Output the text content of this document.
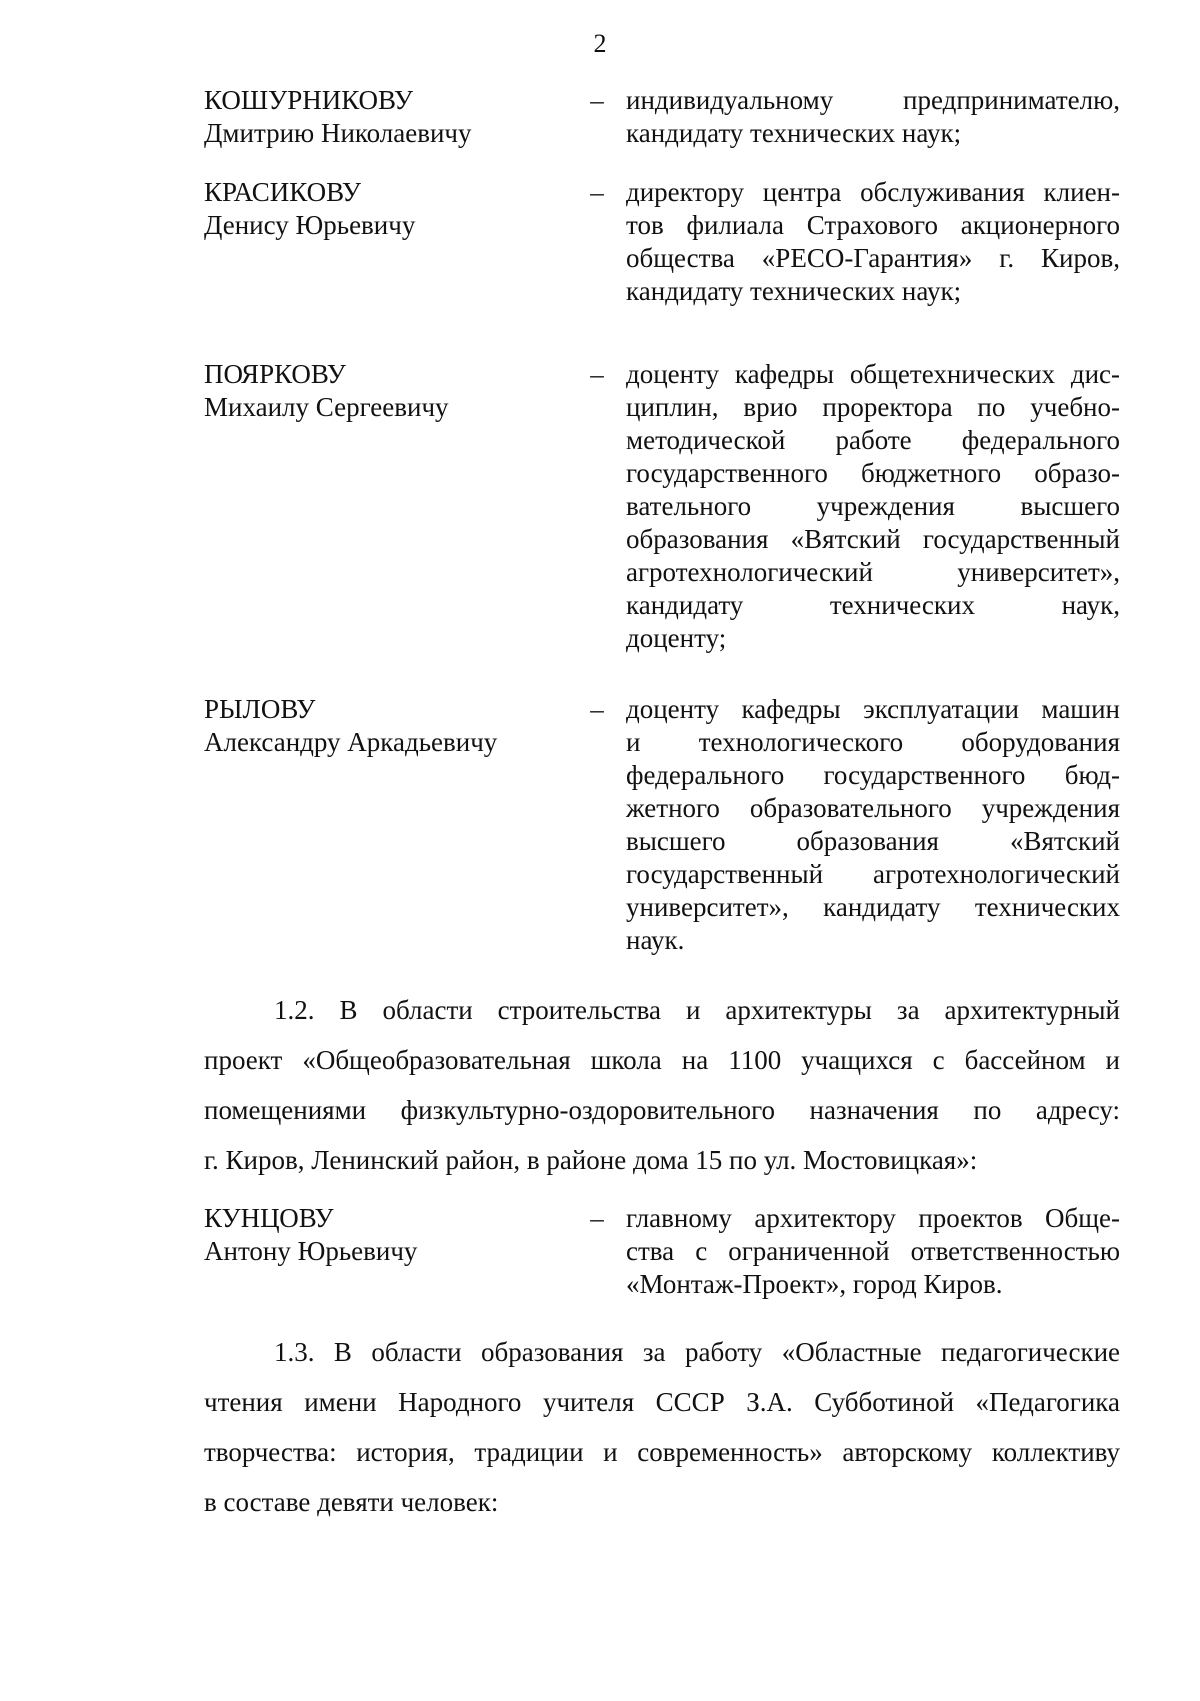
2
КОШУРНИКОВУ
Дмитрию Николаевичу
– индивидуальному предпринимателю,
кандидату технических наук;
КРАСИКОВУ
Денису Юрьевичу
– директору центра обслуживания клиен-
тов филиала Страхового акционерного
общества «РЕСО-Гарантия» г. Киров,
кандидату технических наук;
ПОЯРКОВУ
Михаилу Сергеевичу
– доценту кафедры общетехнических дис-
циплин, врио проректора по учебно-
методической работе федерального
государственного бюджетного образо-
вательного учреждения высшего
образования «Вятский государственный
агротехнологический университет»,
кандидату технических наук,
доценту;
РЫЛОВУ
Александру Аркадьевичу
– доценту кафедры эксплуатации машин
и технологического оборудования
федерального государственного бюд-
жетного образовательного учреждения
высшего образования «Вятский
государственный агротехнологический
университет», кандидату технических
наук.
1.2. В области строительства и архитектуры за архитектурный
проект «Общеобразовательная школа на 1100 учащихся с бассейном и
помещениями физкультурно-оздоровительного назначения по адресу:
г. Киров, Ленинский район, в районе дома 15 по ул. Мостовицкая»:
КУНЦОВУ
Антону Юрьевичу
– главному архитектору проектов Обще-
ства с ограниченной ответственностью
«Монтаж-Проект», город Киров.
1.3. В области образования за работу «Областные педагогические
чтения имени Народного учителя СССР З.А. Субботиной «Педагогика
творчества: история, традиции и современность» авторскому коллективу
в составе девяти человек:
